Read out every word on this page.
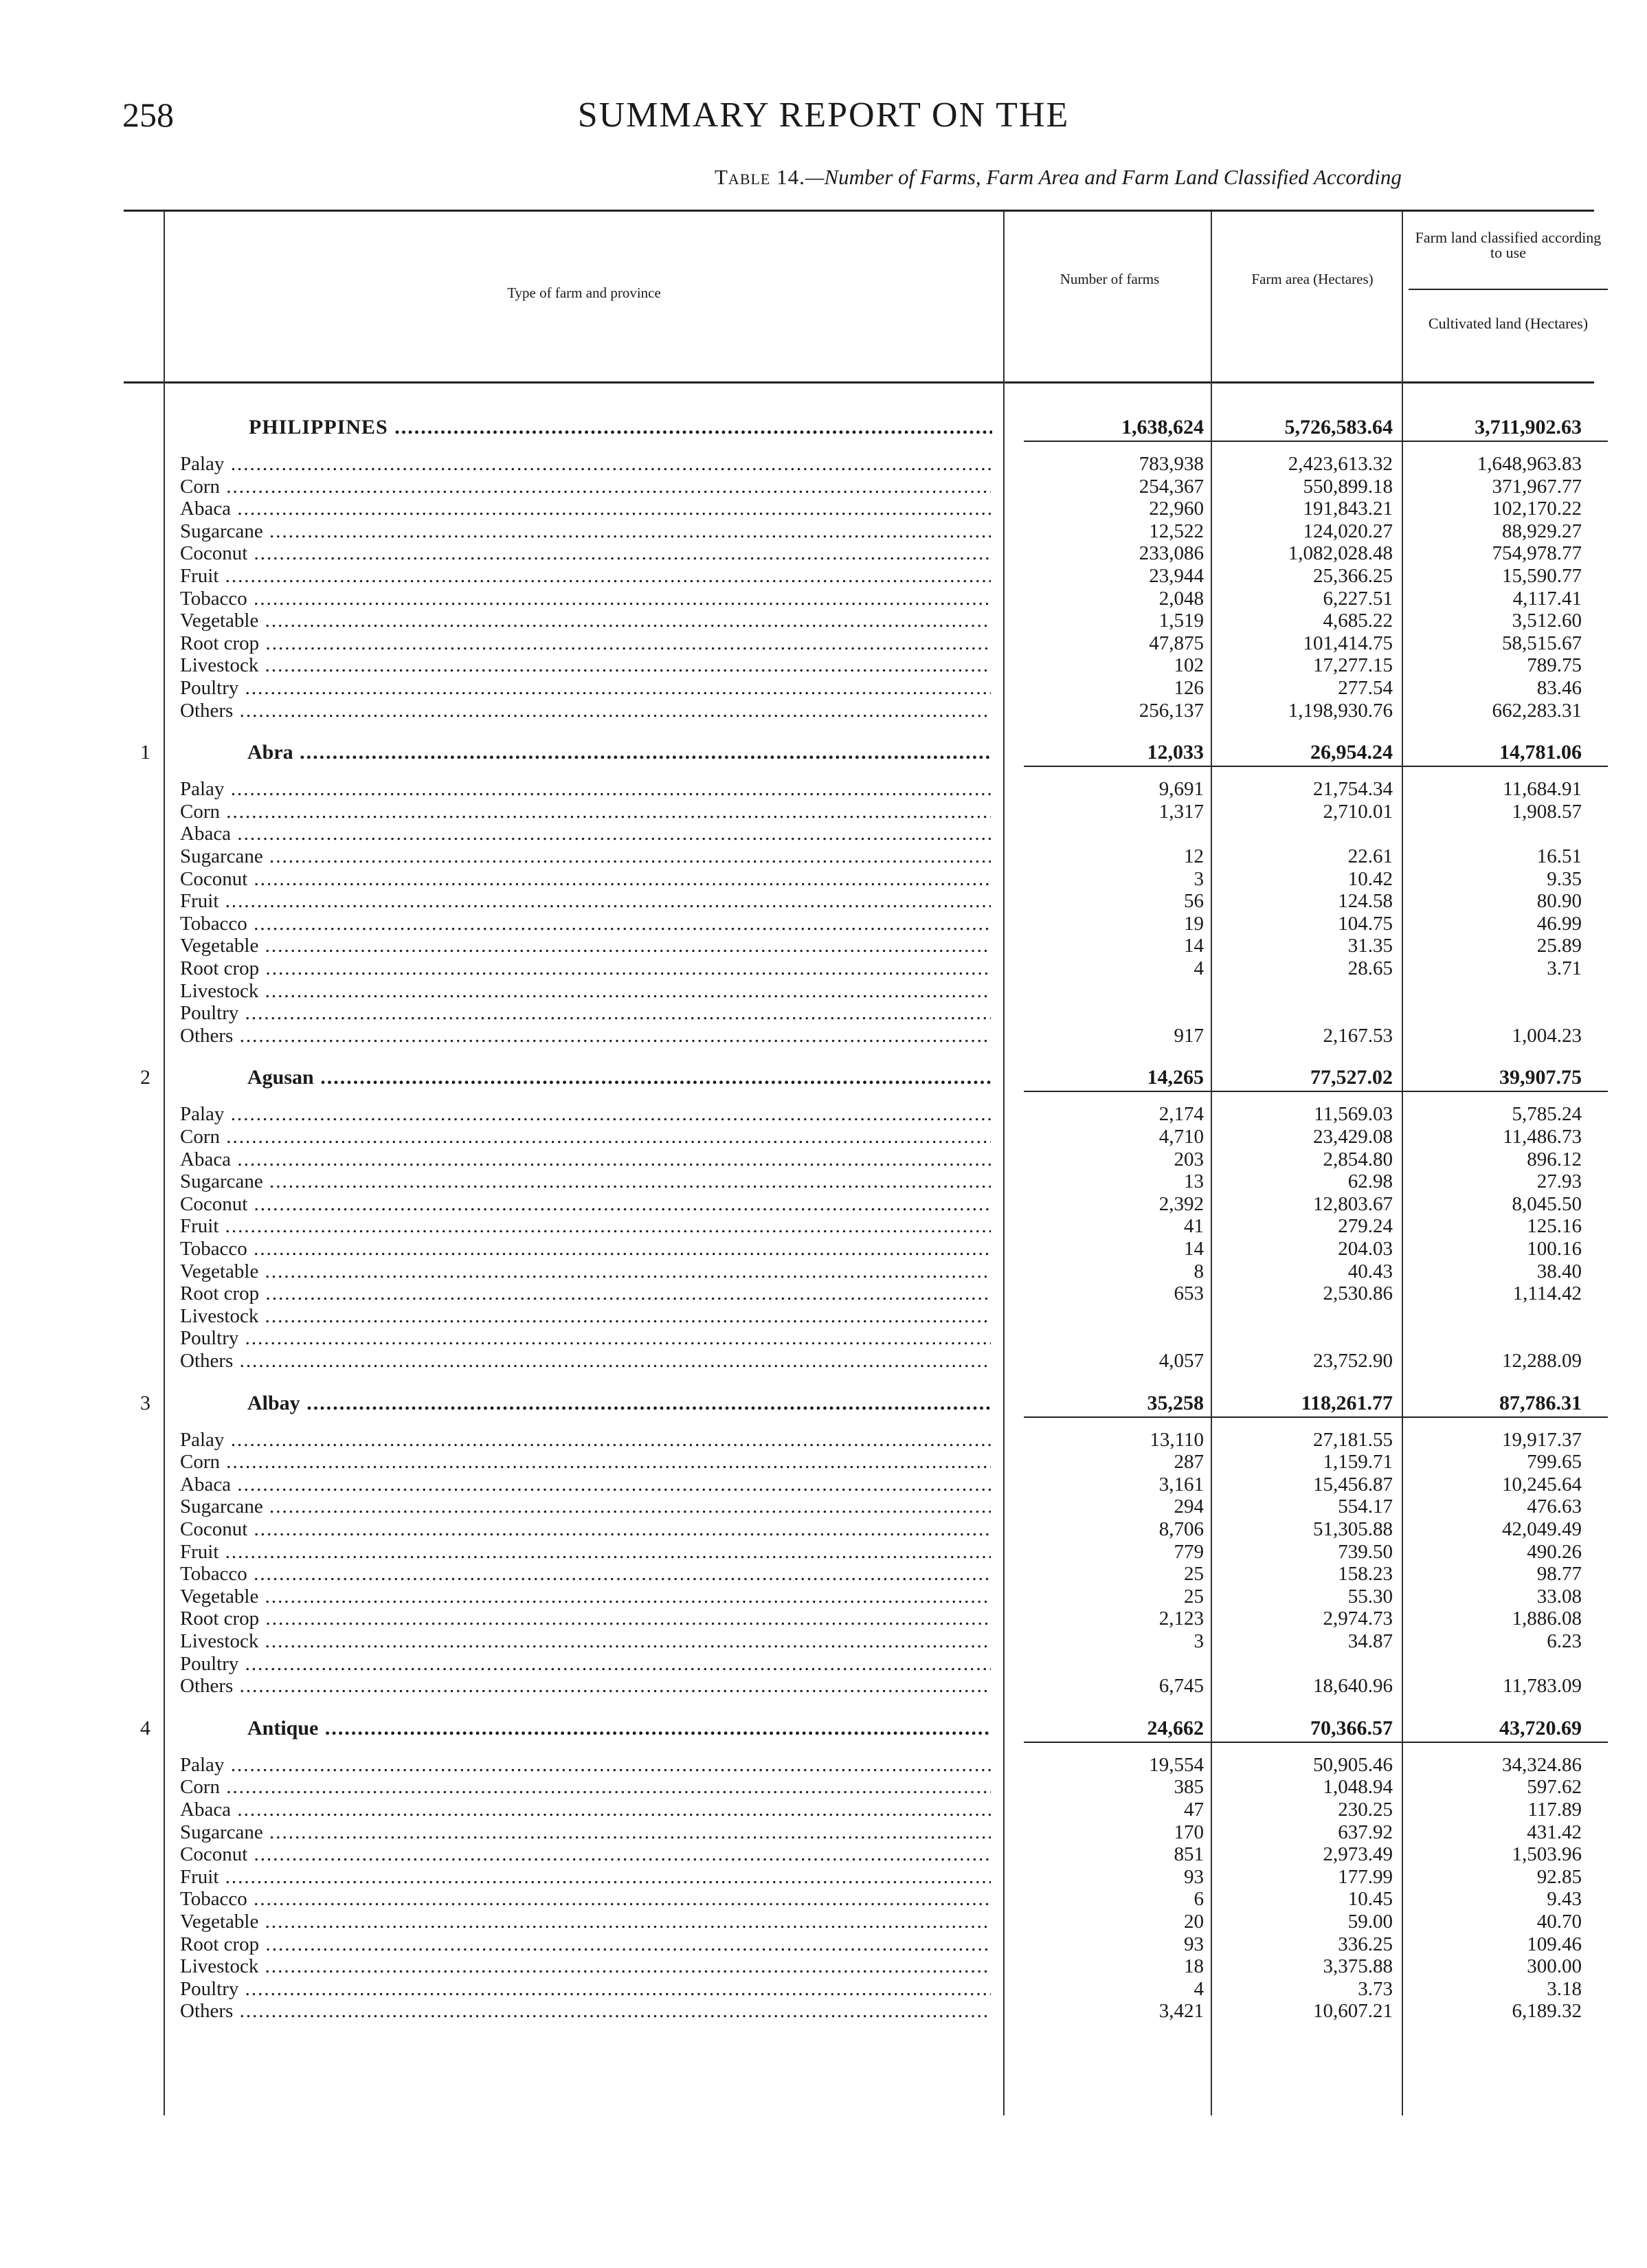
258	SUMMARY REPORT ON THE
Table 14.—Number of Farms, Farm Area and Farm Land Classified According
Type of farm and province
Number of farms	Farm area (Hectares)
Farm land classified according to use
Cultivated land (Hectares)
PHILIPPINES .....	1,638,624	5,726,583.64	3,711,902.63
Palay .....	783,938	2,423,613.32	1,648,963.83
Corn .....	254,367	550,899.18	371,967.77
Abaca .....	22,960	191,843.21	102,170.22
Sugarcane .....	12,522	124,020.27	88,929.27
Coconut .....	233,086	1,082,028.48	754,978.77
Fruit .....	23,944	25,366.25	15,590.77
Tobacco .....	2,048	6,227.51	4,117.41
Vegetable .....	1,519	4,685.22	3,512.60
Root crop .....	47,875	101,414.75	58,515.67
Livestock .....	102	17,277.15	789.75
Poultry .....	126	277.54	83.46
Others .....	256,137	1,198,930.76	662,283.31
1	Abra .....	12,033	26,954.24	14,781.06
Palay .....	9,691	21,754.34	11,684.91
Corn .....	1,317	2,710.01	1,908.57
Abaca .....
Sugarcane .....	12	22.61	16.51
Coconut .....	3	10.42	9.35
Fruit .....	56	124.58	80.90
Tobacco .....	19	104.75	46.99
Vegetable .....	14	31.35	25.89
Root crop .....	4	28.65	3.71
Livestock .....
Poultry .....
Others .....	917	2,167.53	1,004.23
2	Agusan .....	14,265	77,527.02	39,907.75
Palay .....	2,174	11,569.03	5,785.24
Corn .....	4,710	23,429.08	11,486.73
Abaca .....	203	2,854.80	896.12
Sugarcane .....	13	62.98	27.93
Coconut .....	2,392	12,803.67	8,045.50
Fruit .....	41	279.24	125.16
Tobacco .....	14	204.03	100.16
Vegetable .....	8	40.43	38.40
Root crop .....	653	2,530.86	1,114.42
Livestock .....
Poultry .....
Others .....	4,057	23,752.90	12,288.09
3	Albay .....	35,258	118,261.77	87,786.31
Palay .....	13,110	27,181.55	19,917.37
Corn .....	287	1,159.71	799.65
Abaca .....	3,161	15,456.87	10,245.64
Sugarcane .....	294	554.17	476.63
Coconut .....	8,706	51,305.88	42,049.49
Fruit .....	779	739.50	490.26
Tobacco .....	25	158.23	98.77
Vegetable .....	25	55.30	33.08
Root crop .....	2,123	2,974.73	1,886.08
Livestock .....	3	34.87	6.23
Poultry .....
Others .....	6,745	18,640.96	11,783.09
4	Antique .....	24,662	70,366.57	43,720.69
Palay .....	19,554	50,905.46	34,324.86
Corn .....	385	1,048.94	597.62
Abaca .....	47	230.25	117.89
Sugarcane .....	170	637.92	431.42
Coconut .....	851	2,973.49	1,503.96
Fruit .....	93	177.99	92.85
Tobacco .....	6	10.45	9.43
Vegetable .....	20	59.00	40.70
Root crop .....	93	336.25	109.46
Livestock .....	18	3,375.88	300.00
Poultry .....	4	3.73	3.18
Others .....	3,421	10,607.21	6,189.32
